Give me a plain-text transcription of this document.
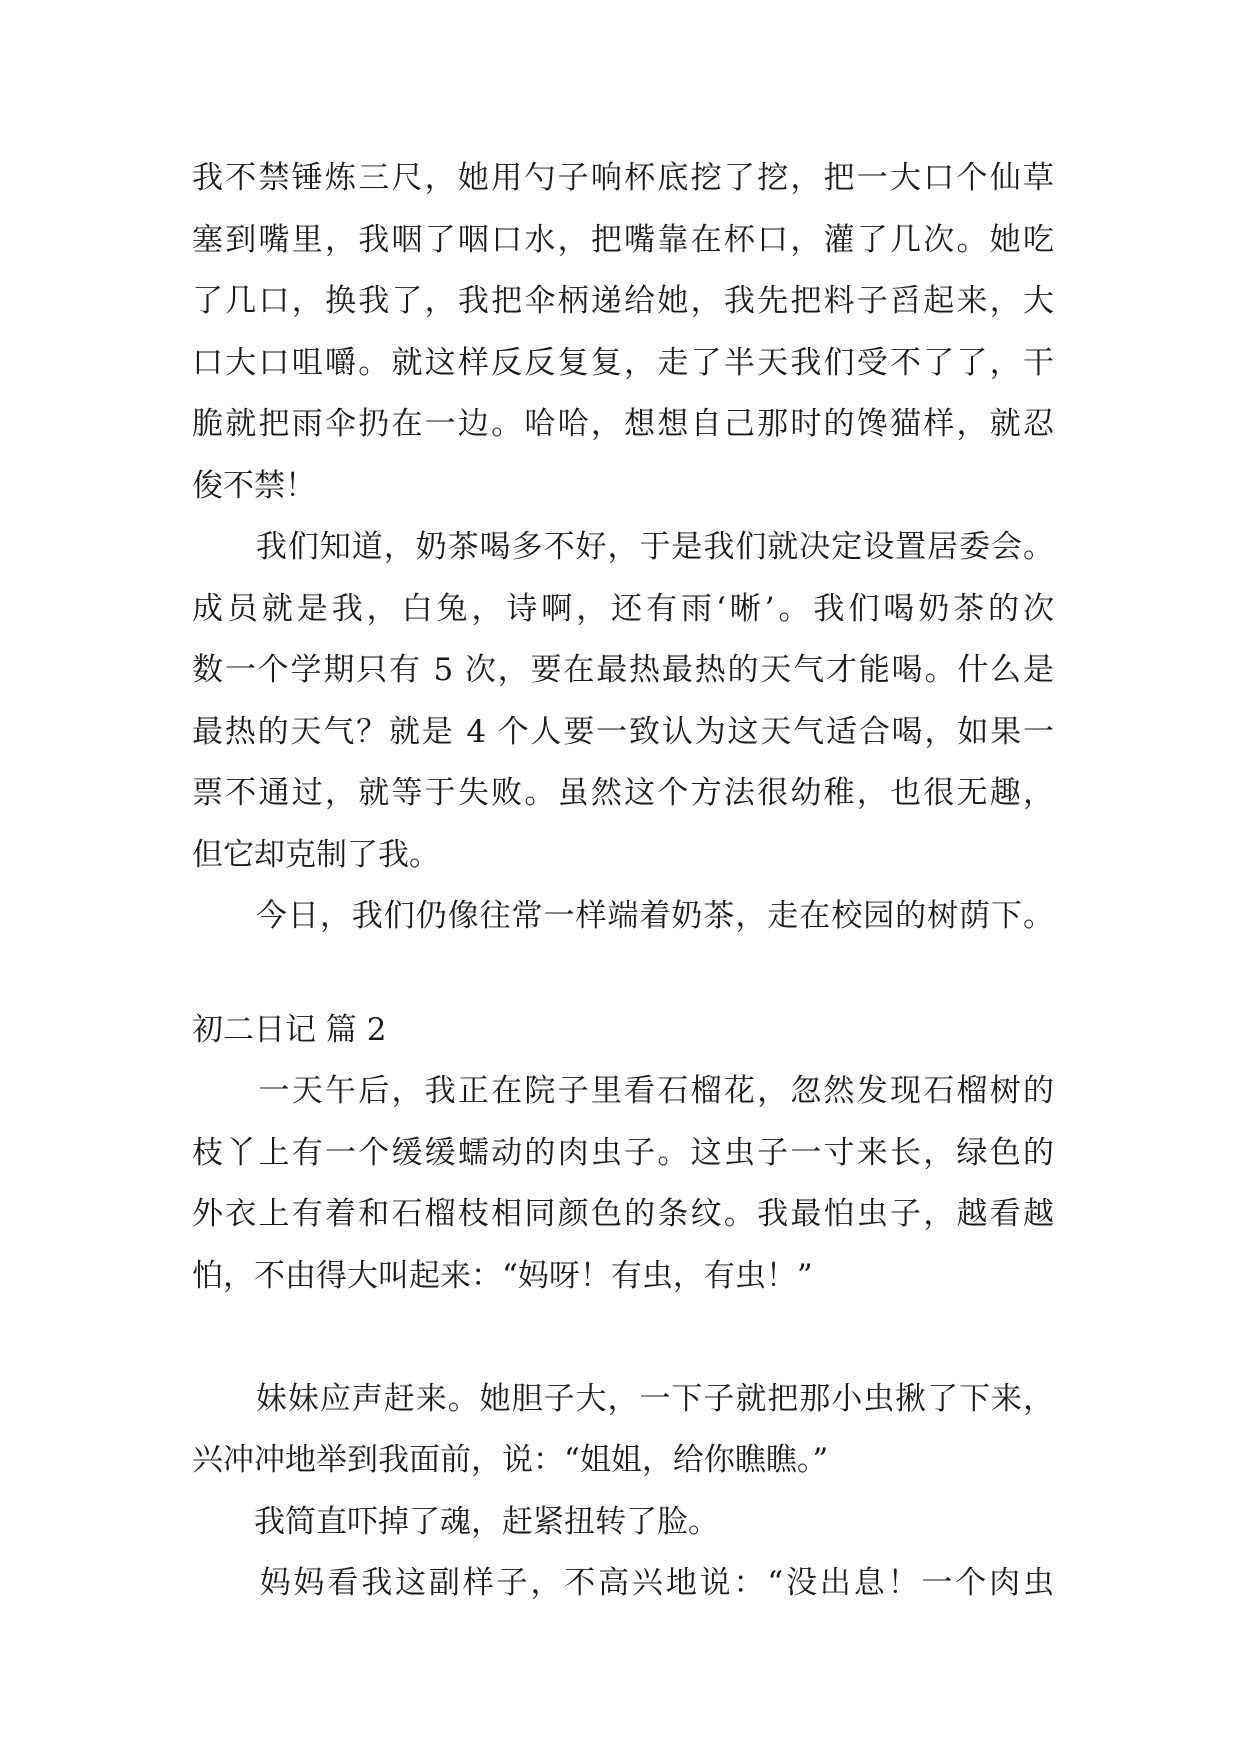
我不禁锤炼三尺，她用勺子响杯底挖了挖，把一大口个仙草
塞到嘴里，我咽了咽口水，把嘴靠在杯口，灌了几次。她吃
了几口，换我了，我把伞柄递给她，我先把料子舀起来，大
口大口咀嚼。就这样反反复复，走了半天我们受不了了，干
脆就把雨伞扔在一边。哈哈，想想自己那时的馋猫样，就忍
俊不禁！
　　我们知道，奶茶喝多不好，于是我们就决定设置居委会。
成员就是我，白兔，诗啊，还有雨‘晰’。我们喝奶茶的次
数一个学期只有 5 次，要在最热最热的天气才能喝。什么是
最热的天气？就是 4 个人要一致认为这天气适合喝，如果一
票不通过，就等于失败。虽然这个方法很幼稚，也很无趣，
但它却克制了我。
　　今日，我们仍像往常一样端着奶茶，走在校园的树荫下。
初二日记 篇 2
　　一天午后，我正在院子里看石榴花，忽然发现石榴树的
枝丫上有一个缓缓蠕动的肉虫子。这虫子一寸来长，绿色的
外衣上有着和石榴枝相同颜色的条纹。我最怕虫子，越看越
怕，不由得大叫起来：“妈呀！有虫，有虫！”
　　妹妹应声赶来。她胆子大，一下子就把那小虫揪了下来，
兴冲冲地举到我面前，说：“姐姐，给你瞧瞧。”
　　我简直吓掉了魂，赶紧扭转了脸。
　　妈妈看我这副样子，不高兴地说：“没出息！一个肉虫
